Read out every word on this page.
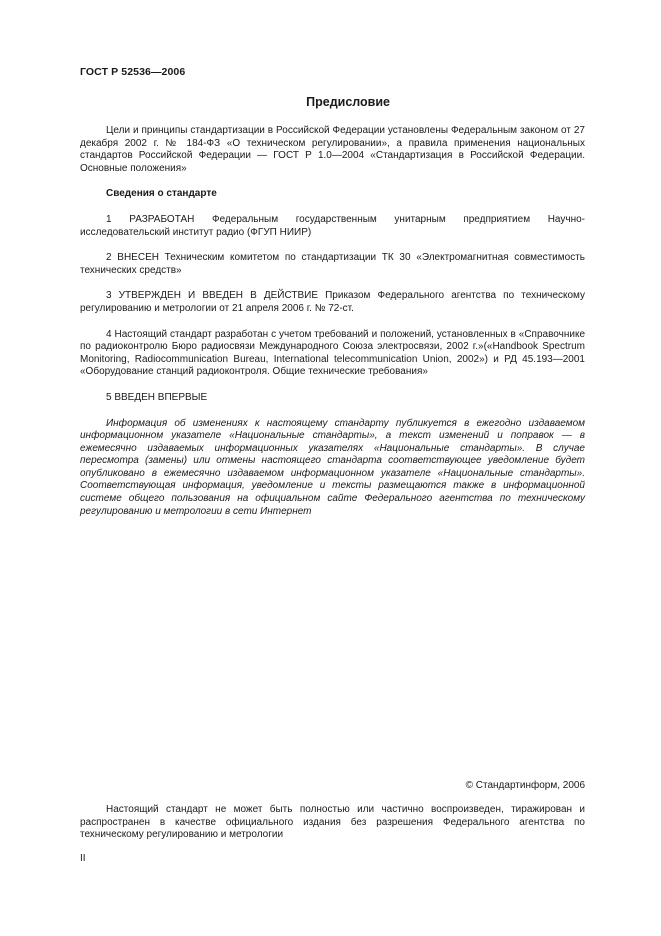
ГОСТ Р 52536—2006
Предисловие

Цели и принципы стандартизации в Российской Федерации установлены Федеральным законом от 27 декабря 2002 г. № 184-ФЗ «О техническом регулировании», а правила применения национальных стандартов Российской Федерации — ГОСТ Р 1.0—2004 «Стандартизация в Российской Федерации. Основные положения»

Сведения о стандарте

1 РАЗРАБОТАН Федеральным государственным унитарным предприятием Научно-исследовательский институт радио (ФГУП НИИР)

2 ВНЕСЕН Техническим комитетом по стандартизации ТК 30 «Электромагнитная совместимость технических средств»

3 УТВЕРЖДЕН И ВВЕДЕН В ДЕЙСТВИЕ Приказом Федерального агентства по техническому регулированию и метрологии от 21 апреля 2006 г. № 72-ст.

4 Настоящий стандарт разработан с учетом требований и положений, установленных в «Справочнике по радиоконтролю Бюро радиосвязи Международного Союза электросвязи, 2002 г.»(«Handbook Spectrum Monitoring, Radiocommunication Bureau, International telecommunication Union, 2002») и РД 45.193—2001 «Оборудование станций радиоконтроля. Общие технические требования»

5 ВВЕДЕН ВПЕРВЫЕ

Информация об изменениях к настоящему стандарту публикуется в ежегодно издаваемом информационном указателе «Национальные стандарты», а текст изменений и поправок — в ежемесячно издаваемых информационных указателях «Национальные стандарты». В случае пересмотра (замены) или отмены настоящего стандарта соответствующее уведомление будет опубликовано в ежемесячно издаваемом информационном указателе «Национальные стандарты». Соответствующая информация, уведомление и тексты размещаются также в информационной системе общего пользования на официальном сайте Федерального агентства по техническому регулированию и метрологии в сети Интернет

© Стандартинформ, 2006

Настоящий стандарт не может быть полностью или частично воспроизведен, тиражирован и распространен в качестве официального издания без разрешения Федерального агентства по техническому регулированию и метрологии

II
